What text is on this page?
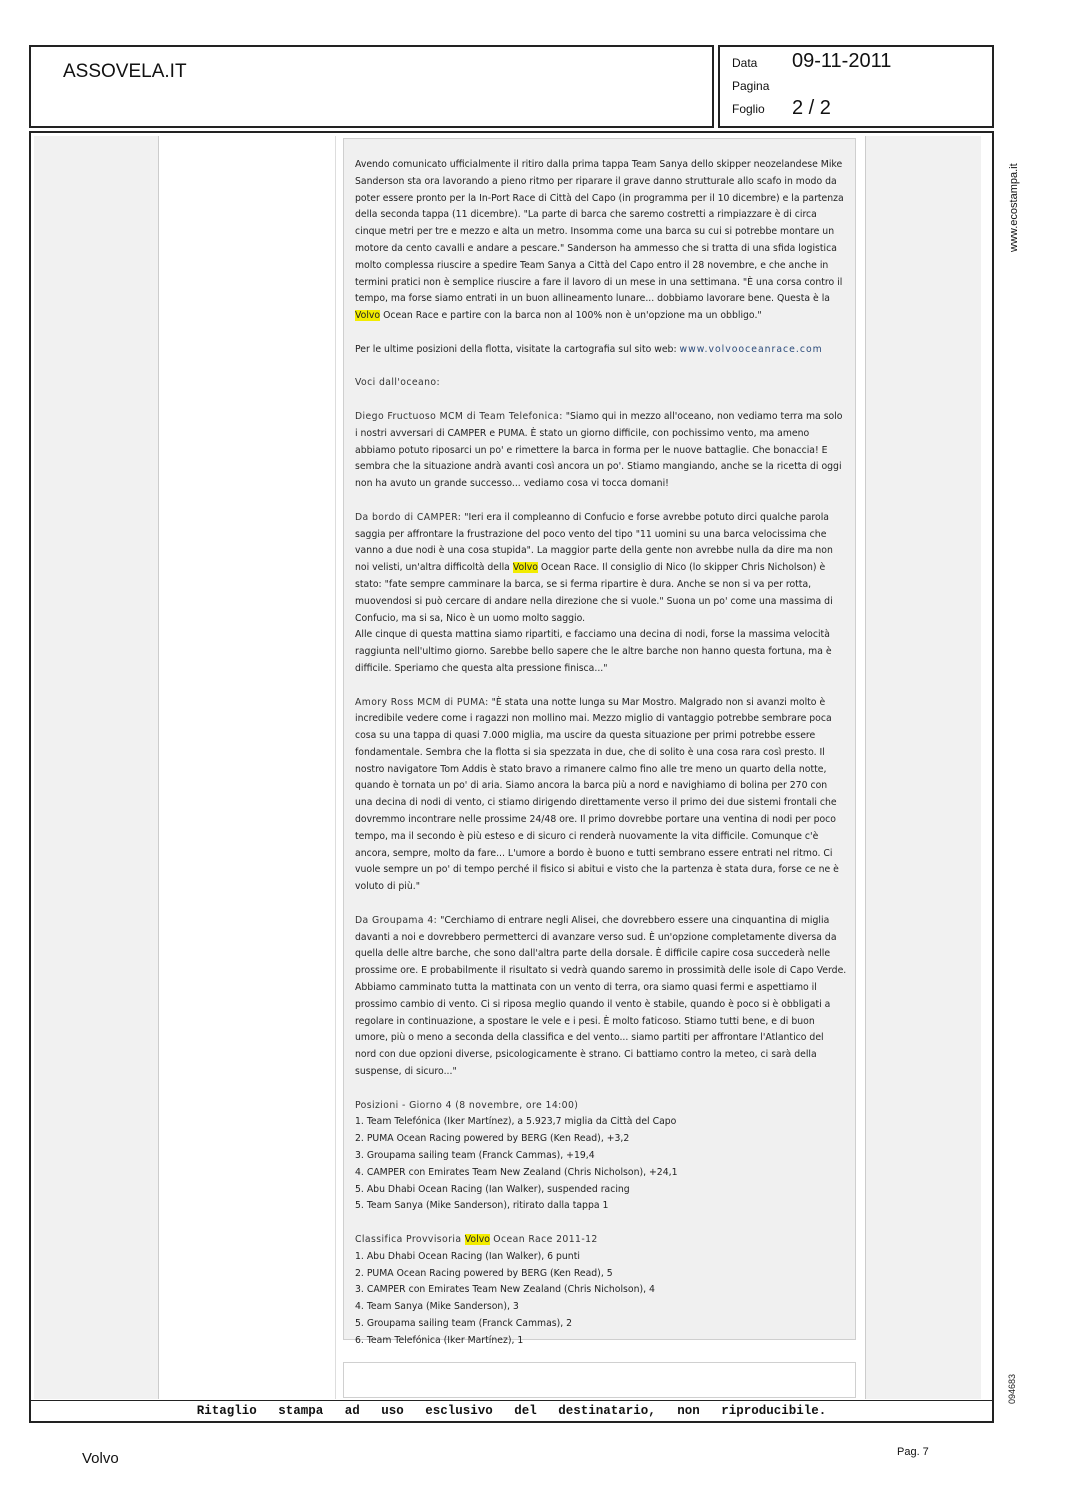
ASSOVELA.IT	Data 09-11-2011
Pagina
Foglio 2 / 2
Ritaglio stampa ad uso esclusivo del destinatario, non riproducibile.

Avendo comunicato ufficialmente il ritiro dalla prima tappa Team Sanya dello skipper neozelandese Mike Sanderson sta ora lavorando a pieno ritmo per riparare il grave danno strutturale allo scafo in modo da poter essere pronto per la In-Port Race di Città del Capo (in programma per il 10 dicembre) e la partenza della seconda tappa (11 dicembre). "La parte di barca che saremo costretti a rimpiazzare è di circa cinque metri per tre e mezzo e alta un metro. Insomma come una barca su cui si potrebbe montare un motore da cento cavalli e andare a pescare." Sanderson ha ammesso che si tratta di una sfida logistica molto complessa riuscire a spedire Team Sanya a Città del Capo entro il 28 novembre, e che anche in termini pratici non è semplice riuscire a fare il lavoro di un mese in una settimana. "È una corsa contro il tempo, ma forse siamo entrati in un buon allineamento lunare... dobbiamo lavorare bene. Questa è la Volvo Ocean Race e partire con la barca non al 100% non è un'opzione ma un obbligo."

Per le ultime posizioni della flotta, visitate la cartografia sul sito web: www.volvooceanrace.com

Voci dall'oceano:

Diego Fructuoso MCM di Team Telefonica: "Siamo qui in mezzo all'oceano, non vediamo terra ma solo i nostri avversari di CAMPER e PUMA. È stato un giorno difficile, con pochissimo vento, ma ameno abbiamo potuto riposarci un po' e rimettere la barca in forma per le nuove battaglie. Che bonaccia! E sembra che la situazione andrà avanti così ancora un po'. Stiamo mangiando, anche se la ricetta di oggi non ha avuto un grande successo... vediamo cosa vi tocca domani!

Da bordo di CAMPER: "Ieri era il compleanno di Confucio e forse avrebbe potuto dirci qualche parola saggia per affrontare la frustrazione del poco vento del tipo "11 uomini su una barca velocissima che vanno a due nodi è una cosa stupida". La maggior parte della gente non avrebbe nulla da dire ma non noi velisti, un'altra difficoltà della Volvo Ocean Race. Il consiglio di Nico (lo skipper Chris Nicholson) è stato: "fate sempre camminare la barca, se si ferma ripartire è dura. Anche se non si va per rotta, muovendosi si può cercare di andare nella direzione che si vuole." Suona un po' come una massima di Confucio, ma si sa, Nico è un uomo molto saggio.
Alle cinque di questa mattina siamo ripartiti, e facciamo una decina di nodi, forse la massima velocità raggiunta nell'ultimo giorno. Sarebbe bello sapere che le altre barche non hanno questa fortuna, ma è difficile. Speriamo che questa alta pressione finisca..."

Amory Ross MCM di PUMA: "È stata una notte lunga su Mar Mostro. Malgrado non si avanzi molto è incredibile vedere come i ragazzi non mollino mai. Mezzo miglio di vantaggio potrebbe sembrare poca cosa su una tappa di quasi 7.000 miglia, ma uscire da questa situazione per primi potrebbe essere fondamentale. Sembra che la flotta si sia spezzata in due, che di solito è una cosa rara così presto. Il nostro navigatore Tom Addis è stato bravo a rimanere calmo fino alle tre meno un quarto della notte, quando è tornata un po' di aria. Siamo ancora la barca più a nord e navighiamo di bolina per 270 con una decina di nodi di vento, ci stiamo dirigendo direttamente verso il primo dei due sistemi frontali che dovremmo incontrare nelle prossime 24/48 ore. Il primo dovrebbe portare una ventina di nodi per poco tempo, ma il secondo è più esteso e di sicuro ci renderà nuovamente la vita difficile. Comunque c'è ancora, sempre, molto da fare... L'umore a bordo è buono e tutti sembrano essere entrati nel ritmo. Ci vuole sempre un po' di tempo perché il fisico si abitui e visto che la partenza è stata dura, forse ce ne è voluto di più."

Da Groupama 4: "Cerchiamo di entrare negli Alisei, che dovrebbero essere una cinquantina di miglia davanti a noi e dovrebbero permetterci di avanzare verso sud. È un'opzione completamente diversa da quella delle altre barche, che sono dall'altra parte della dorsale. È difficile capire cosa succederà nelle prossime ore. E probabilmente il risultato si vedrà quando saremo in prossimità delle isole di Capo Verde. Abbiamo camminato tutta la mattinata con un vento di terra, ora siamo quasi fermi e aspettiamo il prossimo cambio di vento. Ci si riposa meglio quando il vento è stabile, quando è poco si è obbligati a regolare in continuazione, a spostare le vele e i pesi. È molto faticoso. Stiamo tutti bene, e di buon umore, più o meno a seconda della classifica e del vento... siamo partiti per affrontare l'Atlantico del nord con due opzioni diverse, psicologicamente è strano. Ci battiamo contro la meteo, ci sarà della suspense, di sicuro..."

Posizioni - Giorno 4 (8 novembre, ore 14:00)
1. Team Telefónica (Iker Martínez), a 5.923,7 miglia da Città del Capo
2. PUMA Ocean Racing powered by BERG (Ken Read), +3,2
3. Groupama sailing team (Franck Cammas), +19,4
4. CAMPER con Emirates Team New Zealand (Chris Nicholson), +24,1
5. Abu Dhabi Ocean Racing (Ian Walker), suspended racing
5. Team Sanya (Mike Sanderson), ritirato dalla tappa 1
Classifica Provvisoria Volvo Ocean Race 2011-12
1. Abu Dhabi Ocean Racing (Ian Walker), 6 punti
2. PUMA Ocean Racing powered by BERG (Ken Read), 5
3. CAMPER con Emirates Team New Zealand (Chris Nicholson), 4
4. Team Sanya (Mike Sanderson), 3
5. Groupama sailing team (Franck Cammas), 2
6. Team Telefónica (Iker Martínez), 1
www.ecostampa.it
094683
Volvo	Pag. 7
